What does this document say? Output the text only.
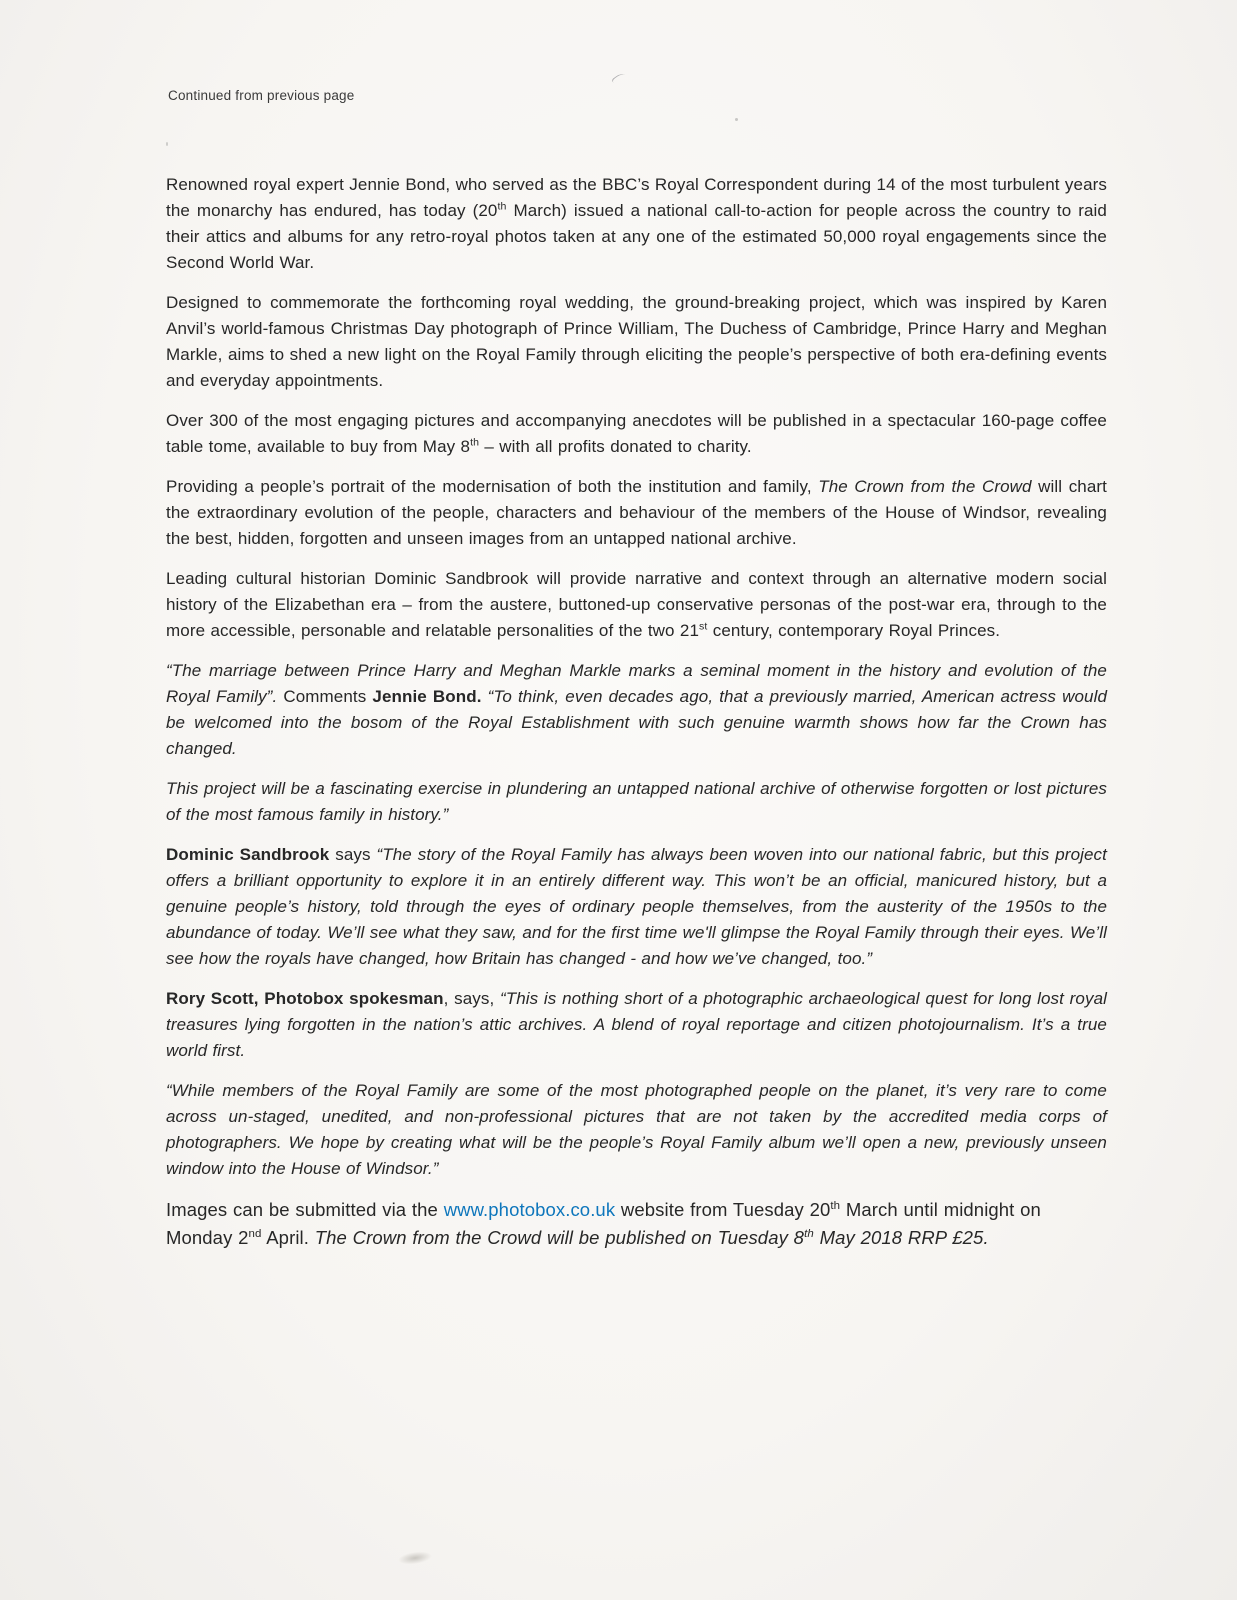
Continued from previous page

Renowned royal expert Jennie Bond, who served as the BBC’s Royal Correspondent during 14 of the most turbulent years the monarchy has endured, has today (20th March) issued a national call-to-action for people across the country to raid their attics and albums for any retro-royal photos taken at any one of the estimated 50,000 royal engagements since the Second World War.

Designed to commemorate the forthcoming royal wedding, the ground-breaking project, which was inspired by Karen Anvil’s world-famous Christmas Day photograph of Prince William, The Duchess of Cambridge, Prince Harry and Meghan Markle, aims to shed a new light on the Royal Family through eliciting the people’s perspective of both era-defining events and everyday appointments.

Over 300 of the most engaging pictures and accompanying anecdotes will be published in a spectacular 160-page coffee table tome, available to buy from May 8th – with all profits donated to charity.

Providing a people’s portrait of the modernisation of both the institution and family, The Crown from the Crowd will chart the extraordinary evolution of the people, characters and behaviour of the members of the House of Windsor, revealing the best, hidden, forgotten and unseen images from an untapped national archive.

Leading cultural historian Dominic Sandbrook will provide narrative and context through an alternative modern social history of the Elizabethan era – from the austere, buttoned-up conservative personas of the post-war era, through to the more accessible, personable and relatable personalities of the two 21st century, contemporary Royal Princes.

“The marriage between Prince Harry and Meghan Markle marks a seminal moment in the history and evolution of the Royal Family”. Comments Jennie Bond. “To think, even decades ago, that a previously married, American actress would be welcomed into the bosom of the Royal Establishment with such genuine warmth shows how far the Crown has changed.

This project will be a fascinating exercise in plundering an untapped national archive of otherwise forgotten or lost pictures of the most famous family in history.”

Dominic Sandbrook says “The story of the Royal Family has always been woven into our national fabric, but this project offers a brilliant opportunity to explore it in an entirely different way. This won’t be an official, manicured history, but a genuine people’s history, told through the eyes of ordinary people themselves, from the austerity of the 1950s to the abundance of today. We’ll see what they saw, and for the first time we'll glimpse the Royal Family through their eyes. We’ll see how the royals have changed, how Britain has changed - and how we’ve changed, too.”

Rory Scott, Photobox spokesman, says, “This is nothing short of a photographic archaeological quest for long lost royal treasures lying forgotten in the nation’s attic archives. A blend of royal reportage and citizen photojournalism. It’s a true world first.

“While members of the Royal Family are some of the most photographed people on the planet, it’s very rare to come across un-staged, unedited, and non-professional pictures that are not taken by the accredited media corps of photographers. We hope by creating what will be the people’s Royal Family album we’ll open a new, previously unseen window into the House of Windsor.”

Images can be submitted via the www.photobox.co.uk website from Tuesday 20th March until midnight on Monday 2nd April. The Crown from the Crowd will be published on Tuesday 8th May 2018 RRP £25.
